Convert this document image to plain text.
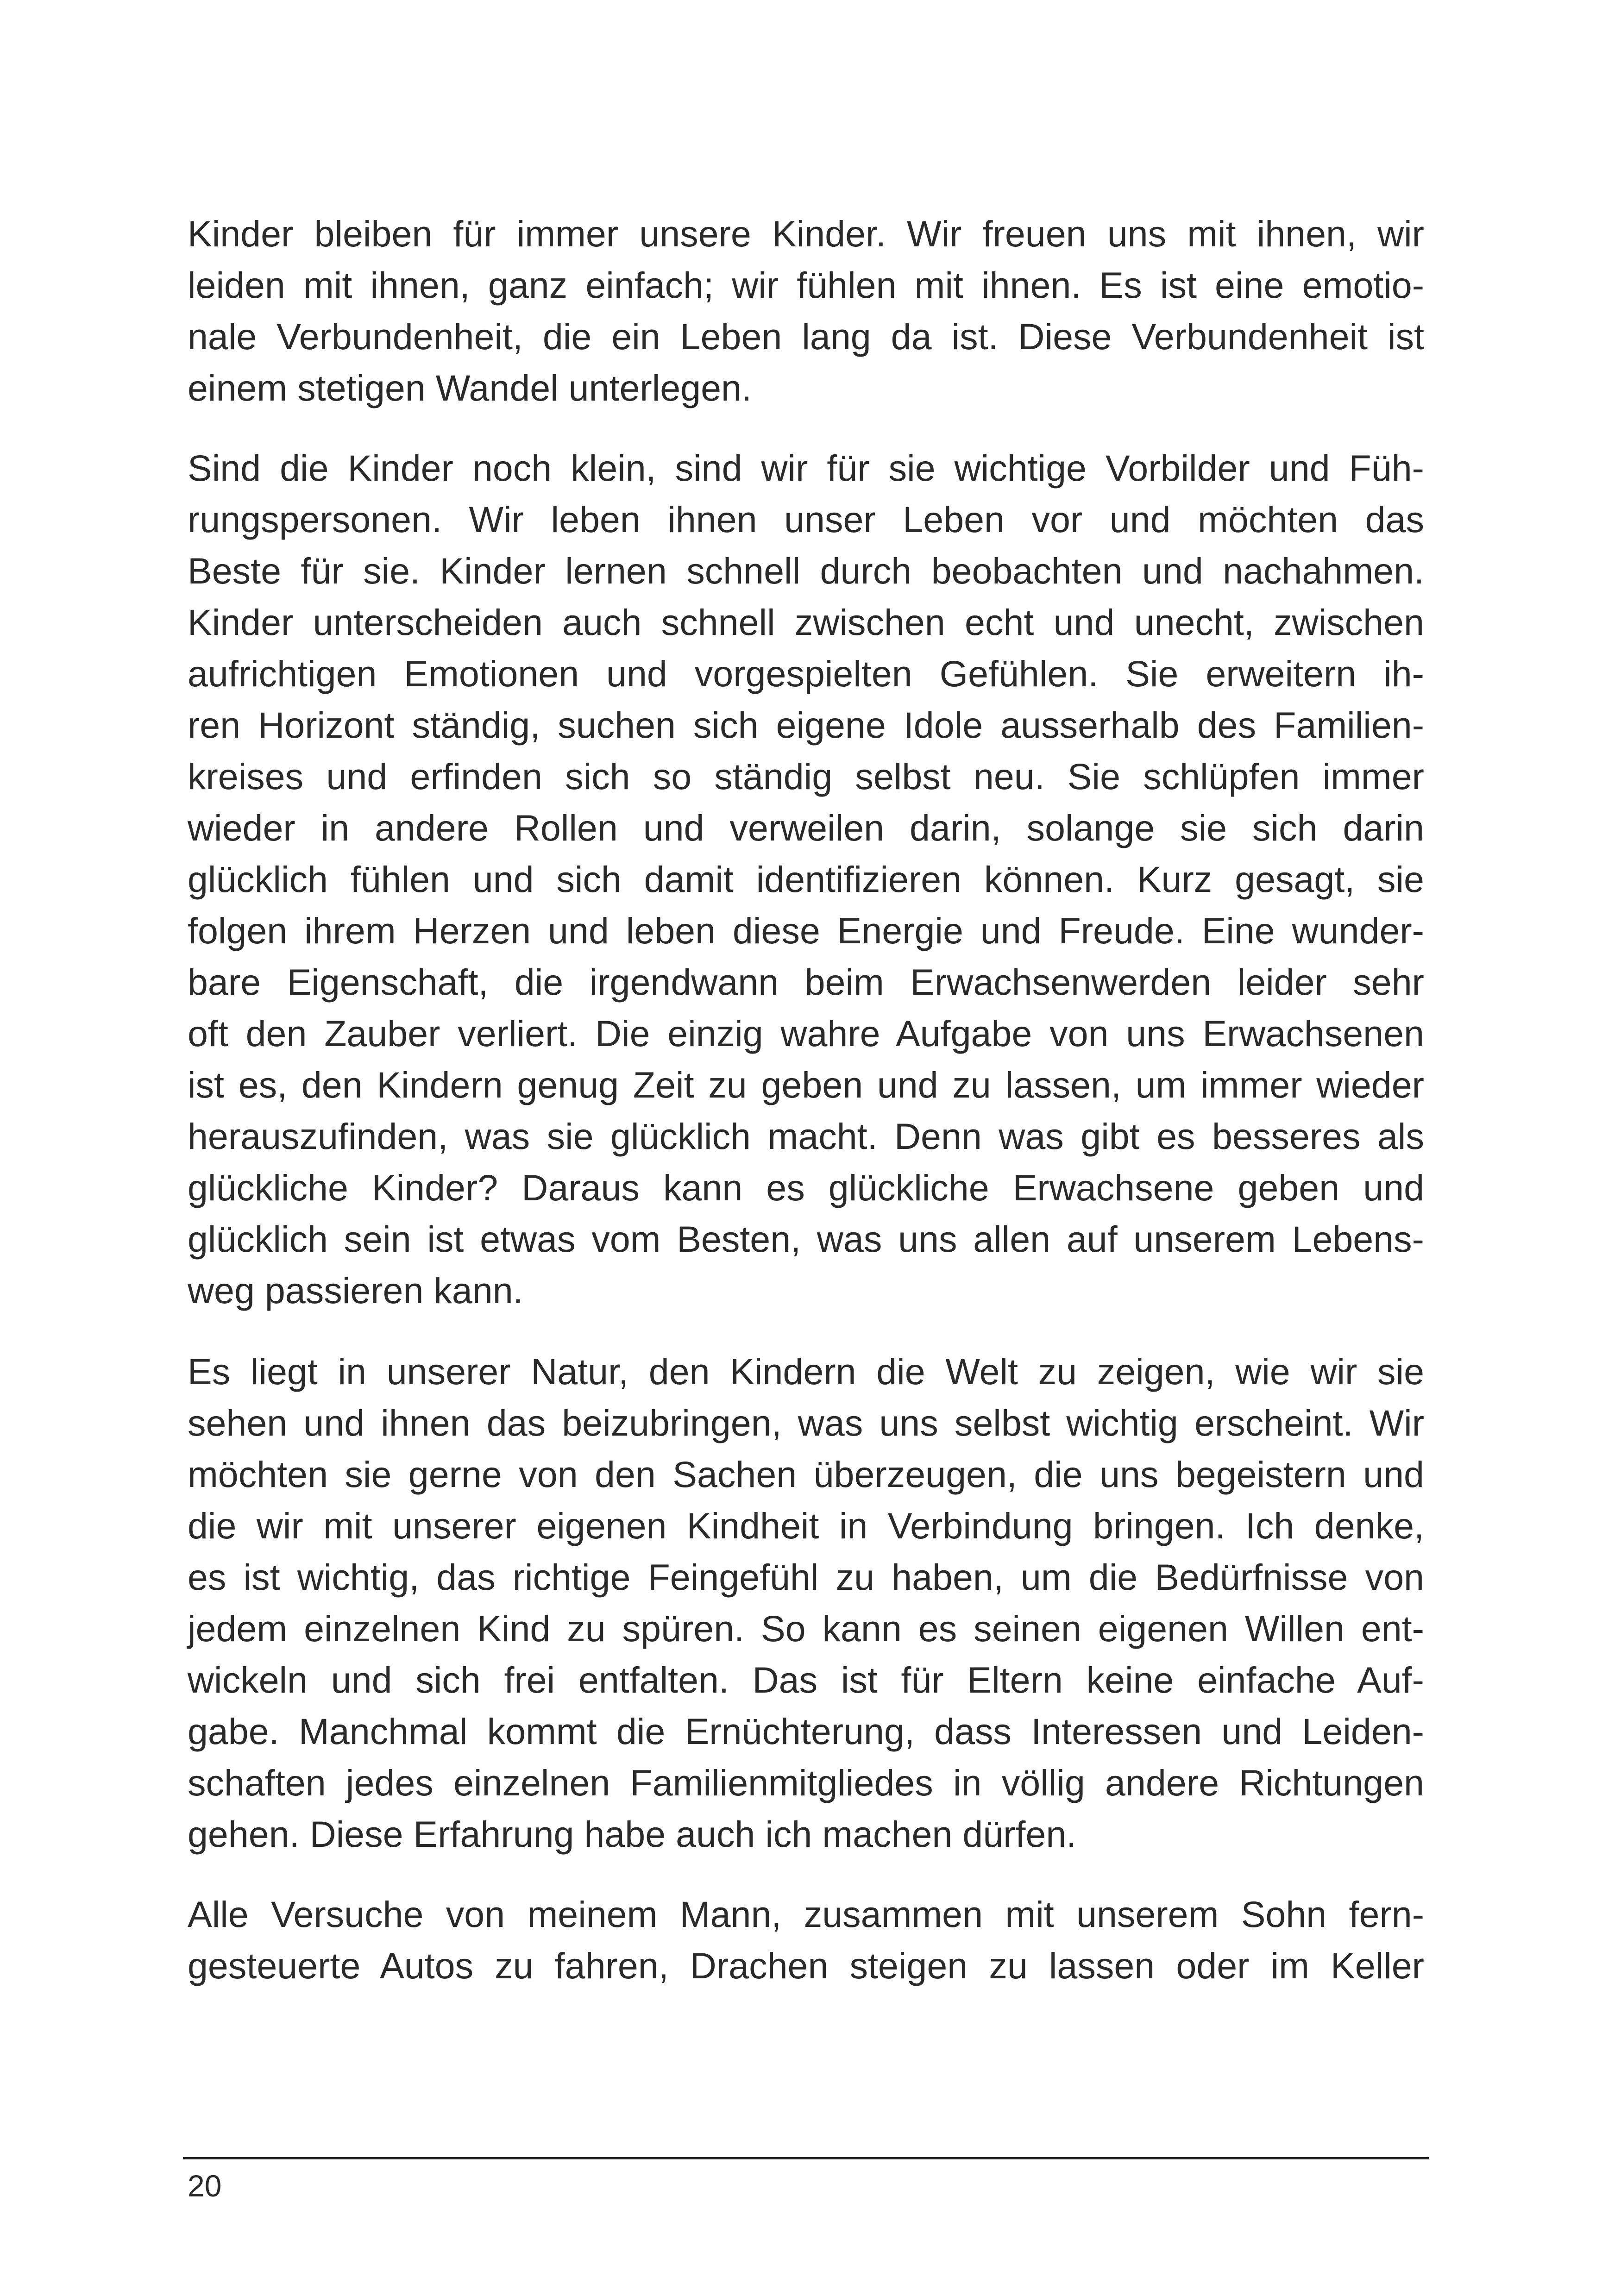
Kinder bleiben für immer unsere Kinder. Wir freuen uns mit ihnen, wir
leiden mit ihnen, ganz einfach; wir fühlen mit ihnen. Es ist eine emotio-
nale Verbundenheit, die ein Leben lang da ist. Diese Verbundenheit ist
einem stetigen Wandel unterlegen.
Sind die Kinder noch klein, sind wir für sie wichtige Vorbilder und Füh-
rungspersonen. Wir leben ihnen unser Leben vor und möchten das
Beste für sie. Kinder lernen schnell durch beobachten und nachahmen.
Kinder unterscheiden auch schnell zwischen echt und unecht, zwischen
aufrichtigen Emotionen und vorgespielten Gefühlen. Sie erweitern ih-
ren Horizont ständig, suchen sich eigene Idole ausserhalb des Familien-
kreises und erfinden sich so ständig selbst neu. Sie schlüpfen immer
wieder in andere Rollen und verweilen darin, solange sie sich darin
glücklich fühlen und sich damit identifizieren können. Kurz gesagt, sie
folgen ihrem Herzen und leben diese Energie und Freude. Eine wunder-
bare Eigenschaft, die irgendwann beim Erwachsenwerden leider sehr
oft den Zauber verliert. Die einzig wahre Aufgabe von uns Erwachsenen
ist es, den Kindern genug Zeit zu geben und zu lassen, um immer wieder
herauszufinden, was sie glücklich macht. Denn was gibt es besseres als
glückliche Kinder? Daraus kann es glückliche Erwachsene geben und
glücklich sein ist etwas vom Besten, was uns allen auf unserem Lebens-
weg passieren kann.
Es liegt in unserer Natur, den Kindern die Welt zu zeigen, wie wir sie
sehen und ihnen das beizubringen, was uns selbst wichtig erscheint. Wir
möchten sie gerne von den Sachen überzeugen, die uns begeistern und
die wir mit unserer eigenen Kindheit in Verbindung bringen. Ich denke,
es ist wichtig, das richtige Feingefühl zu haben, um die Bedürfnisse von
jedem einzelnen Kind zu spüren. So kann es seinen eigenen Willen ent-
wickeln und sich frei entfalten. Das ist für Eltern keine einfache Auf-
gabe. Manchmal kommt die Ernüchterung, dass Interessen und Leiden-
schaften jedes einzelnen Familienmitgliedes in völlig andere Richtungen
gehen. Diese Erfahrung habe auch ich machen dürfen.
Alle Versuche von meinem Mann, zusammen mit unserem Sohn fern-
gesteuerte Autos zu fahren, Drachen steigen zu lassen oder im Keller
20
